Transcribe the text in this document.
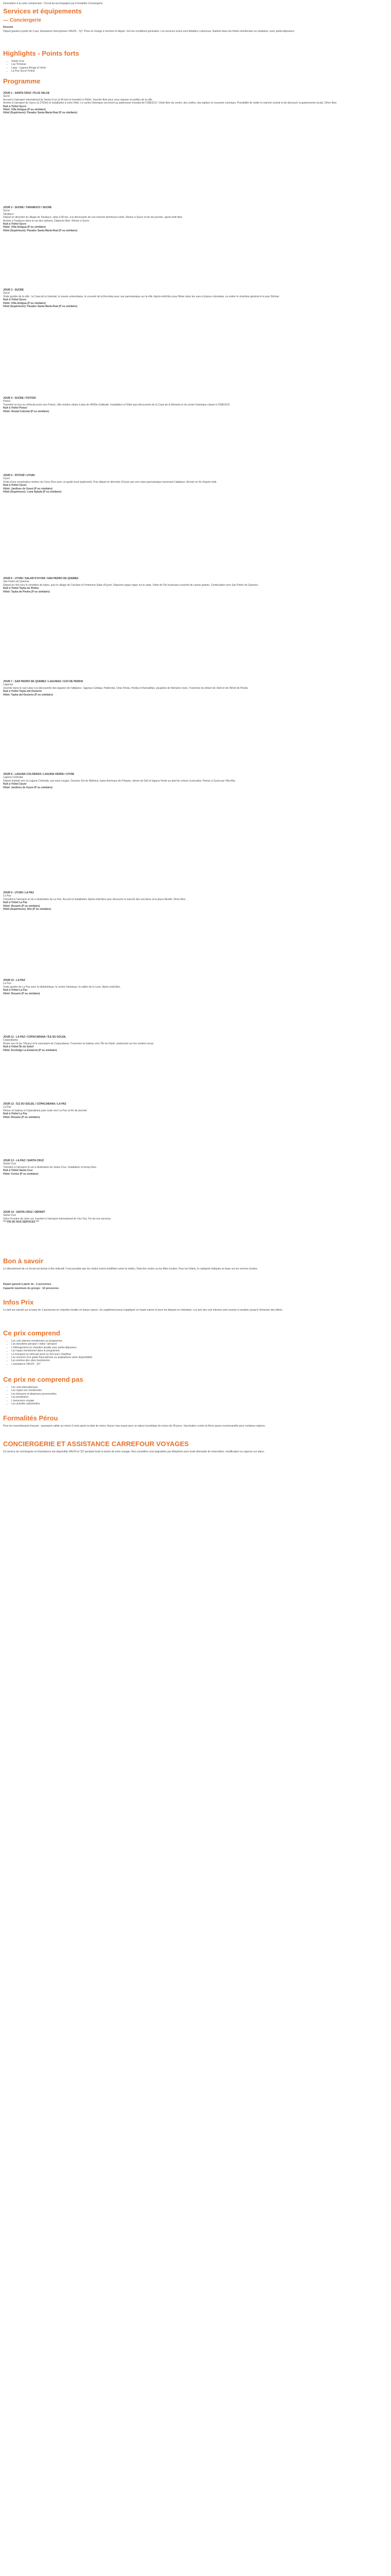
Description à la carte comprenant : Circuit tel accompagné par Formalités Conciergerie

Services et équipements
— Conciergerie

Résumé

Départ garanti à partir de 2 pax. Assistance francophone 24h/24 - 7j/7. Prise en charge à l'arrivée et départ. Voir les conditions générales. Les services inclus sont détaillés ci-dessous. Nuitées dans les hôtels mentionnés ou similaires, avec petits-déjeuners.

Highlights - Points forts
• Santa Cruz
• Las Tirhanas
• Lapa - Laguna Rouge et Verte
• La Paz Sucre Potosí
Programme
JOUR 1 - SANTA CRUZ / PLUS VALUE
Sucre
Accueil à l'aéroport international de Santa Cruz (à 45 km) et transfert à l'hôtel. Journée libre pour vous reposer et profiter de la ville.
Arrivée à l'aéroport de Sucre (à 2750m) et installation à votre hôtel. Le centre historique est inscrit au patrimoine mondial de l'UNESCO. Visite libre du centre, des ruelles, des églises et couvents coloniaux. Possibilité de visiter le marché central et de découvrir la gastronomie locale. Dîner libre.
Nuit à l'hôtel Sucre
Hôtel: Villa Antigua (P ou similaire)
Hôtel (Supérieure): Parador Santa María Real (P ou similaire)
JOUR 2 - SUCRE / TARABUCO / SUCRE
Sucre
Tarabuco
Départ en direction du village de Tarabuco, situé à 65 km, à la découverte de son marché dominical coloré. Retour à Sucre en fin de journée, après-midi libre.
Arrivée à Tarabuco dans la rue des artisans. Déjeuner libre. Retour à Sucre.
Nuit à l'hôtel Sucre
Hôtel: Villa Antigua (P ou similaire)
Hôtel (Supérieure): Parador Santa María Real (P ou similaire)
JOUR 3 - SUCRE
Sucre
Visite guidée de la ville : la Casa de la Libertad, le musée universitaire, le couvent de la Recoleta avec vue panoramique sur la ville. Après-midi libre pour flâner dans les rues et places coloniales, ou visiter le cimetière général et le parc Bolívar.
Nuit à l'hôtel Sucre
Hôtel: Villa Antigua (P ou similaire)
Hôtel (Supérieure): Parador Santa María Real (P ou similaire)
JOUR 4 - SUCRE / POTOSÍ
Potosí
Transfert en bus ou véhicule privé vers Potosí, ville minière située à plus de 4000m d'altitude. Installation à l'hôtel puis découverte de la Casa de la Moneda et du centre historique classé à l'UNESCO.
Nuit à l'hôtel Potosí
Hôtel: Hostal Colonial (P ou similaire)
JOUR 5 - POTOSÍ / UYUNI
Uyuni
Visite d'une coopérative minière du Cerro Rico avec un guide local (optionnel). Puis départ en direction d'Uyuni par une route panoramique traversant l'altiplano. Arrivée en fin d'après-midi.
Nuit à l'hôtel Uyuni
Hôtel: Jardines de Uyuni (P ou similaire)
Hôtel (Supérieure): Luna Salada (P ou similaire)
JOUR 6 - UYUNI / SALAR D'UYUNI / SAN PEDRO DE QUEMEZ
San Pedro de Quemez
Départ en 4x4 vers le cimetière de trains, puis le village de Colchani et l'immense Salar d'Uyuni. Déjeuner pique-nique sur le salar. Visite de l'île Incahuasi couverte de cactus géants. Continuation vers San Pedro de Quemez.
Nuit à l'hôtel Tayka de Piedra
Hôtel: Tayka de Piedra (P ou similaire)
JOUR 7 - SAN PEDRO DE QUEMEZ / LAGUNAS / OJO DE PERDIZ
Lagunas
Journée dans le sud Lípez à la découverte des lagunes de l'altiplano : lagunas Cañapa, Hedionda, Chiar Khota, Honda et Ramaditas, peuplées de flamants roses. Traversée du désert de Siloli et de l'Arbol de Piedra.
Nuit à l'hôtel Tayka del Desierto
Hôtel: Tayka del Desierto (P ou similaire)
JOUR 8 - LAGUNA COLORADA / LAGUNA VERDE / UYUNI
Laguna Colorada
Départ matinal vers la Laguna Colorada, aux eaux rouges. Geysers Sol de Mañana, bains thermaux de Polques, désert de Dalí et laguna Verde au pied du volcan Licancabur. Retour à Uyuni par Villa Mar.
Nuit à l'hôtel Uyuni
Hôtel: Jardines de Uyuni (P ou similaire)
JOUR 9 - UYUNI / LA PAZ
La Paz
Transfert à l'aéroport et vol à destination de La Paz. Accueil et installation. Après-midi libre pour découvrir le marché des sorcières et la place Murillo. Dîner libre.
Nuit à l'hôtel La Paz
Hôtel: Rosario (P ou similaire)
Hôtel (Supérieure): Atix (P ou similaire)
JOUR 10 - LA PAZ
La Paz
Visite guidée de La Paz avec le téléphérique, le centre historique, la vallée de la Lune. Après-midi libre.
Nuit à l'hôtel La Paz
Hôtel: Rosario (P ou similaire)
JOUR 11 - LA PAZ / COPACABANA / ÎLE DU SOLEIL
Copacabana
Route vers le lac Titicaca et le sanctuaire de Copacabana. Traversée en bateau vers l'Île du Soleil, randonnée sur les sentiers incas.
Nuit à l'hôtel Île du Soleil
Hôtel: Ecolodge La Estancia (P ou similaire)
JOUR 12 - ÎLE DU SOLEIL / COPACABANA / LA PAZ
La Paz
Retour en bateau à Copacabana puis route vers La Paz en fin de journée.
Nuit à l'hôtel La Paz
Hôtel: Rosario (P ou similaire)
JOUR 13 - LA PAZ / SANTA CRUZ
Santa Cruz
Transfert à l'aéroport et vol à destination de Santa Cruz. Installation et temps libre.
Nuit à l'hôtel Santa Cruz
Hôtel: Cortez (P ou similaire)
JOUR 14 - SANTA CRUZ / DÉPART
Santa Cruz
Selon l'horaire de votre vol, transfert à l'aéroport international de Viru Viru. Fin de nos services.
*** FIN DE NOS SERVICES ***
Bon à savoir

Le déroulement de ce circuit est donné à titre indicatif. Il est possible que les visites soient modifiées selon la météo, l'état des routes ou les fêtes locales. Pour les hôtels, la catégorie indiquée se base sur les normes locales.

Départ garanti à partir de : 2 personnes

Capacité maximum du groupe : 10 personnes

Infos Prix

Le tarif est calculé sur la base de 2 personnes en chambre double en basse saison. Un supplément peut s'appliquer en haute saison et pour les départs en individuel. Les prix des vols internes sont soumis à variation jusqu'à l'émission des billets.

Ce prix comprend
• Les vols internes mentionnés au programme
• Les transferts aéroport / hôtel / aéroport
• L'hébergement en chambre double avec petits-déjeuners
• Les repas mentionnés dans le programme
• Le transport en véhicule privé ou 4x4 avec chauffeur
• Les services d'un guide francophone ou anglophone selon disponibilité
• Les entrées des sites mentionnés
• L'assistance 24h/24 - 7j/7
Ce prix ne comprend pas
• Les vols internationaux
• Les repas non mentionnés
• Les boissons et dépenses personnelles
• Les pourboires
• L'assurance voyage
• Les activités optionnelles
Formalités Pérou

Pour les ressortissants français : passeport valide au moins 6 mois après la date de retour. Aucun visa requis pour un séjour touristique de moins de 90 jours. Vaccination contre la fièvre jaune recommandée pour certaines régions.

CONCIERGERIE ET ASSISTANCE CARREFOUR VOYAGES

Un service de conciergerie et d'assistance est disponible 24h/24 et 7j/7 pendant toute la durée de votre voyage. Nos conseillers sont joignables par téléphone pour toute demande de réservation, modification ou urgence sur place.
